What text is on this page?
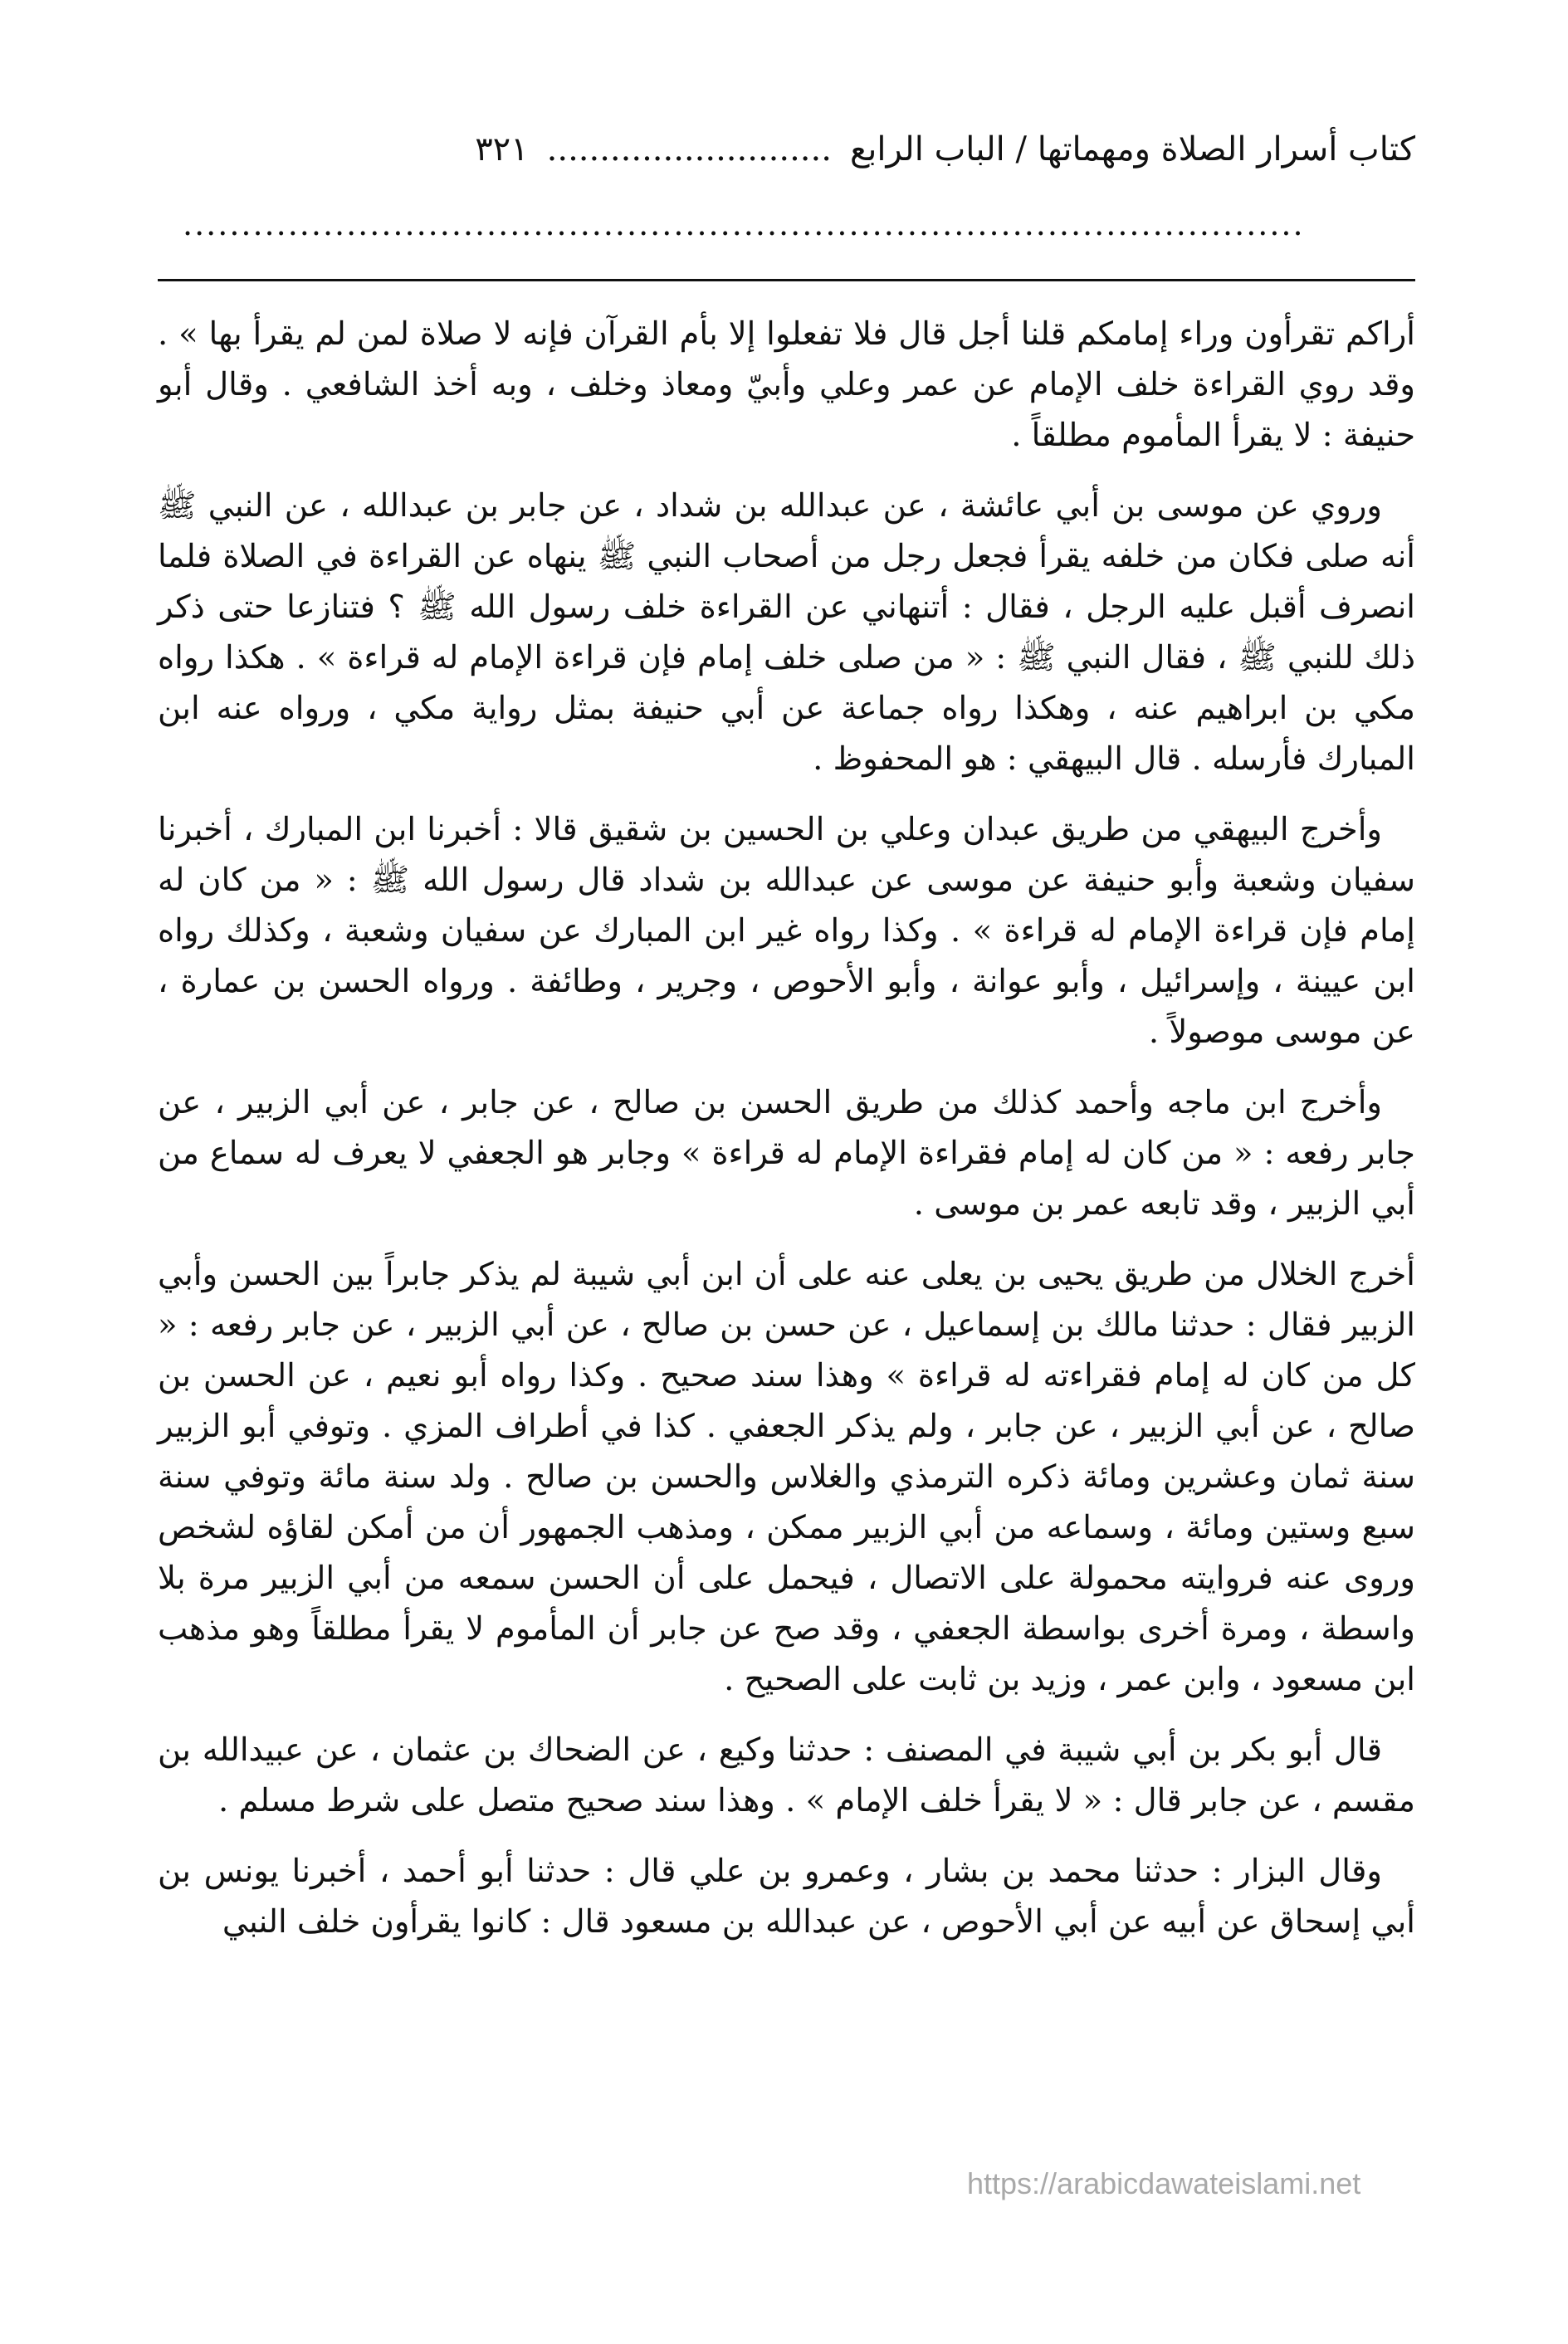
كتاب أسرار الصلاة ومهماتها / الباب الرابع
...........................
٣٢١
................................................................................................

أراكم تقرأون وراء إمامكم قلنا أجل قال فلا تفعلوا إلا بأم القرآن فإنه لا صلاة لمن لم يقرأ بها » . وقد روي القراءة خلف الإمام عن عمر وعلي وأبيّ ومعاذ وخلف ، وبه أخذ الشافعي . وقال أبو حنيفة : لا يقرأ المأموم مطلقاً .

وروي عن موسى بن أبي عائشة ، عن عبدالله بن شداد ، عن جابر بن عبدالله ، عن النبي ﷺ أنه صلى فكان من خلفه يقرأ فجعل رجل من أصحاب النبي ﷺ ينهاه عن القراءة في الصلاة فلما انصرف أقبل عليه الرجل ، فقال : أتنهاني عن القراءة خلف رسول الله ﷺ ؟ فتنازعا حتى ذكر ذلك للنبي ﷺ ، فقال النبي ﷺ : « من صلى خلف إمام فإن قراءة الإمام له قراءة » . هكذا رواه مكي بن ابراهيم عنه ، وهكذا رواه جماعة عن أبي حنيفة بمثل رواية مكي ، ورواه عنه ابن المبارك فأرسله . قال البيهقي : هو المحفوظ .

وأخرج البيهقي من طريق عبدان وعلي بن الحسين بن شقيق قالا : أخبرنا ابن المبارك ، أخبرنا سفيان وشعبة وأبو حنيفة عن موسى عن عبدالله بن شداد قال رسول الله ﷺ : « من كان له إمام فإن قراءة الإمام له قراءة » . وكذا رواه غير ابن المبارك عن سفيان وشعبة ، وكذلك رواه ابن عيينة ، وإسرائيل ، وأبو عوانة ، وأبو الأحوص ، وجرير ، وطائفة . ورواه الحسن بن عمارة ، عن موسى موصولاً .

وأخرج ابن ماجه وأحمد كذلك من طريق الحسن بن صالح ، عن جابر ، عن أبي الزبير ، عن جابر رفعه : « من كان له إمام فقراءة الإمام له قراءة » وجابر هو الجعفي لا يعرف له سماع من أبي الزبير ، وقد تابعه عمر بن موسى .

أخرج الخلال من طريق يحيى بن يعلى عنه على أن ابن أبي شيبة لم يذكر جابراً بين الحسن وأبي الزبير فقال : حدثنا مالك بن إسماعيل ، عن حسن بن صالح ، عن أبي الزبير ، عن جابر رفعه : « كل من كان له إمام فقراءته له قراءة » وهذا سند صحيح . وكذا رواه أبو نعيم ، عن الحسن بن صالح ، عن أبي الزبير ، عن جابر ، ولم يذكر الجعفي . كذا في أطراف المزي . وتوفي أبو الزبير سنة ثمان وعشرين ومائة ذكره الترمذي والغلاس والحسن بن صالح . ولد سنة مائة وتوفي سنة سبع وستين ومائة ، وسماعه من أبي الزبير ممكن ، ومذهب الجمهور أن من أمكن لقاؤه لشخص وروى عنه فروايته محمولة على الاتصال ، فيحمل على أن الحسن سمعه من أبي الزبير مرة بلا واسطة ، ومرة أخرى بواسطة الجعفي ، وقد صح عن جابر أن المأموم لا يقرأ مطلقاً وهو مذهب ابن مسعود ، وابن عمر ، وزيد بن ثابت على الصحيح .

قال أبو بكر بن أبي شيبة في المصنف : حدثنا وكيع ، عن الضحاك بن عثمان ، عن عبيدالله بن مقسم ، عن جابر قال : « لا يقرأ خلف الإمام » . وهذا سند صحيح متصل على شرط مسلم .

وقال البزار : حدثنا محمد بن بشار ، وعمرو بن علي قال : حدثنا أبو أحمد ، أخبرنا يونس بن أبي إسحاق عن أبيه عن أبي الأحوص ، عن عبدالله بن مسعود قال : كانوا يقرأون خلف النبي

https://arabicdawateislami.net
